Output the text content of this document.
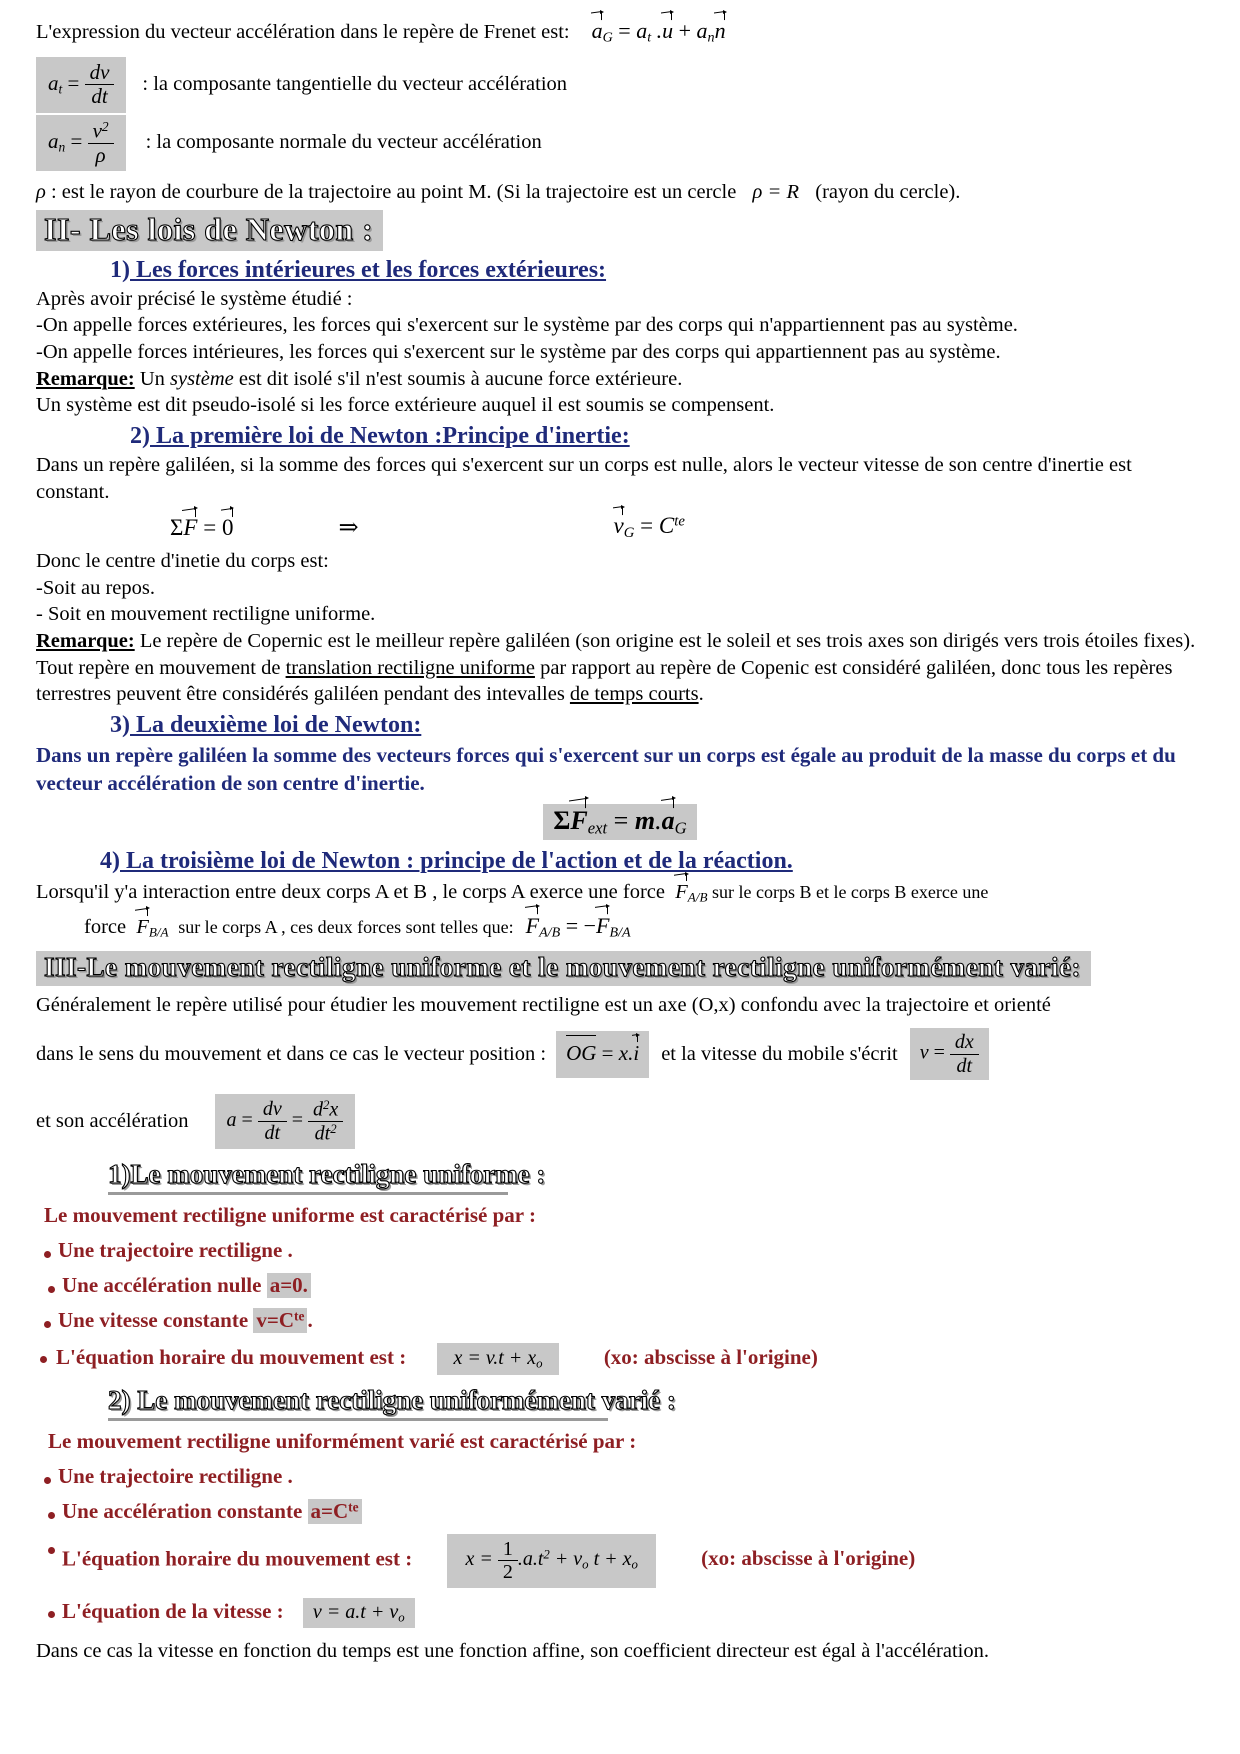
L'expression du vecteur accélération dans le repère de Frenet est: a
$_G = a_t$ .u
+ $a_nn$
$a_t = \frac{dv}{dt}$ : la composante tangentielle du vecteur accélération
$a_n = \frac{v^2}{\rho}$ : la composante normale du vecteur accélération
ρ : est le rayon de courbure de la trajectoire au point M. (Si la trajectoire est un cercle  ρ = R  (rayon du cercle).
II- Les lois de Newton :
1) Les forces intérieures et les forces extérieures:
Après avoir précisé le système étudié :
-On appelle forces extérieures, les forces qui s'exercent sur le système par des corps qui n'appartiennent pas au système.
-On appelle forces intérieures, les forces qui s'exercent sur le système par des corps qui appartiennent pas au système.
Remarque: Un système est dit isolé s'il n'est soumis à aucune force extérieure.
Un système est dit pseudo-isolé si les force extérieure auquel il est soumis se compensent.
2) La première loi de Newton :Principe d'inertie:
Dans un repère galiléen, si la somme des forces qui s'exercent sur un corps est nulle, alors le vecteur vitesse de son centre d'inertie est constant.
ΣF
= 0	⇒	v
$_G = C^{te}$
Donc le centre d'inetie du corps est:
-Soit au repos.
- Soit en mouvement rectiligne uniforme.
Remarque: Le repère de Copernic est le meilleur repère galiléen (son origine est le soleil et ses trois axes son dirigés vers trois étoiles fixes).
Tout repère en mouvement de translation rectiligne uniforme par rapport au repère de Copenic est considéré galiléen, donc tous les repères terrestres peuvent être considérés galiléen pendant des intevalles de temps courts.
3) La deuxième loi de Newton:
Dans un repère galiléen la somme des vecteurs forces qui s'exercent sur un corps est égale au produit de la masse du corps et du vecteur accélération de son centre d'inertie.
ΣF
$_{ext}$ = m.a
$_G$
4) La troisième loi de Newton : principe de l'action et de la réaction.
Lorsqu'il y'a interaction entre deux corps A et B , le corps A exerce une force  F
$_{A/B}$ sur le corps B et le corps B exerce une
force  F
$_{B/A}$  sur le corps A , ces deux forces sont telles que: F
$_{A/B}$ = −F
$_{B/A}$
III-Le mouvement rectiligne uniforme et le mouvement rectiligne uniformément varié:
Généralement le repère utilisé pour étudier les mouvement rectiligne est un axe (O,x) confondu avec la trajectoire et orienté
dans le sens du mouvement et dans ce cas le vecteur position : OG = x.i	et la vitesse du mobile s'écrit	$v = \frac{dx}{dt}$
et son accélération	$a = \frac{dv}{dt} = \frac{d^2x}{dt^2}$
1)Le mouvement rectiligne uniforme :
Le mouvement rectiligne uniforme est caractérisé par :
Une trajectoire rectiligne .
Une accélération nulle a=0.
Une vitesse constante $v=C^{te}$ .
L'équation horaire du mouvement est : $x = v.t + x_o$	(xo: abscisse à l'origine)
2) Le mouvement rectiligne uniformément varié :
Le mouvement rectiligne uniformément varié est caractérisé par :
Une trajectoire rectiligne .
Une accélération constante $a=C^{te}$
L'équation horaire du mouvement est :	$x = \frac{1}{2} .a.t^2 + v_o$ $t + x_o$	(xo: abscisse à l'origine)
L'équation de la vitesse : $v = a.t + v_o$
Dans ce cas la vitesse en fonction du temps est une fonction affine, son coefficient directeur est égal à l'accélération.
